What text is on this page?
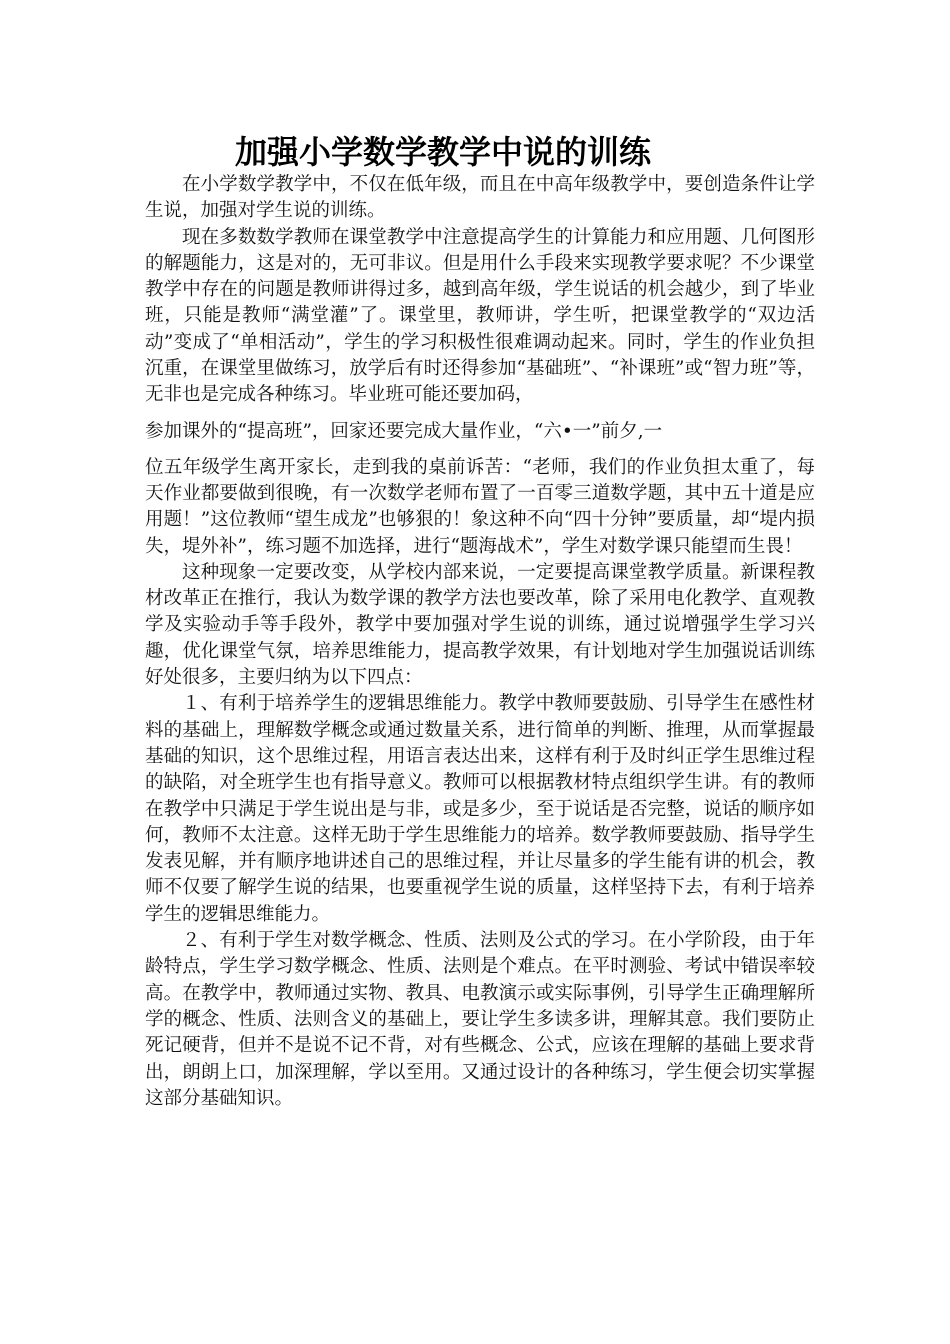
加强小学数学教学中说的训练

在小学数学教学中，不仅在低年级，而且在中高年级教学中，要创造条件让学生说，加强对学生说的训练。

现在多数数学教师在课堂教学中注意提高学生的计算能力和应用题、几何图形的解题能力，这是对的，无可非议。但是用什么手段来实现教学要求呢？不少课堂教学中存在的问题是教师讲得过多，越到高年级，学生说话的机会越少，到了毕业班，只能是教师“满堂灌”了。课堂里，教师讲，学生听，把课堂教学的“双边活动”变成了“单相活动”，学生的学习积极性很难调动起来。同时，学生的作业负担沉重，在课堂里做练习，放学后有时还得参加“基础班”、“补课班”或“智力班”等，无非也是完成各种练习。毕业班可能还要加码，

参加课外的“提高班”，回家还要完成大量作业，“六•一”前夕,一

位五年级学生离开家长，走到我的桌前诉苦：“老师，我们的作业负担太重了，每天作业都要做到很晚，有一次数学老师布置了一百零三道数学题，其中五十道是应用题！”这位教师“望生成龙”也够狠的！象这种不向“四十分钟”要质量，却“堤内损失，堤外补”，练习题不加选择，进行“题海战术”，学生对数学课只能望而生畏！

这种现象一定要改变，从学校内部来说，一定要提高课堂教学质量。新课程教材改革正在推行，我认为数学课的教学方法也要改革，除了采用电化教学、直观教学及实验动手等手段外，教学中要加强对学生说的训练，通过说增强学生学习兴趣，优化课堂气氛，培养思维能力，提高教学效果，有计划地对学生加强说话训练好处很多，主要归纳为以下四点：

１、有利于培养学生的逻辑思维能力。教学中教师要鼓励、引导学生在感性材料的基础上，理解数学概念或通过数量关系，进行简单的判断、推理，从而掌握最基础的知识，这个思维过程，用语言表达出来，这样有利于及时纠正学生思维过程的缺陷，对全班学生也有指导意义。教师可以根据教材特点组织学生讲。有的教师在教学中只满足于学生说出是与非，或是多少，至于说话是否完整，说话的顺序如何，教师不太注意。这样无助于学生思维能力的培养。数学教师要鼓励、指导学生发表见解，并有顺序地讲述自己的思维过程，并让尽量多的学生能有讲的机会，教师不仅要了解学生说的结果，也要重视学生说的质量，这样坚持下去，有利于培养学生的逻辑思维能力。

２、有利于学生对数学概念、性质、法则及公式的学习。在小学阶段，由于年龄特点，学生学习数学概念、性质、法则是个难点。在平时测验、考试中错误率较高。在教学中，教师通过实物、教具、电教演示或实际事例，引导学生正确理解所学的概念、性质、法则含义的基础上，要让学生多读多讲，理解其意。我们要防止死记硬背，但并不是说不记不背，对有些概念、公式，应该在理解的基础上要求背出，朗朗上口，加深理解，学以至用。又通过设计的各种练习，学生便会切实掌握这部分基础知识。
